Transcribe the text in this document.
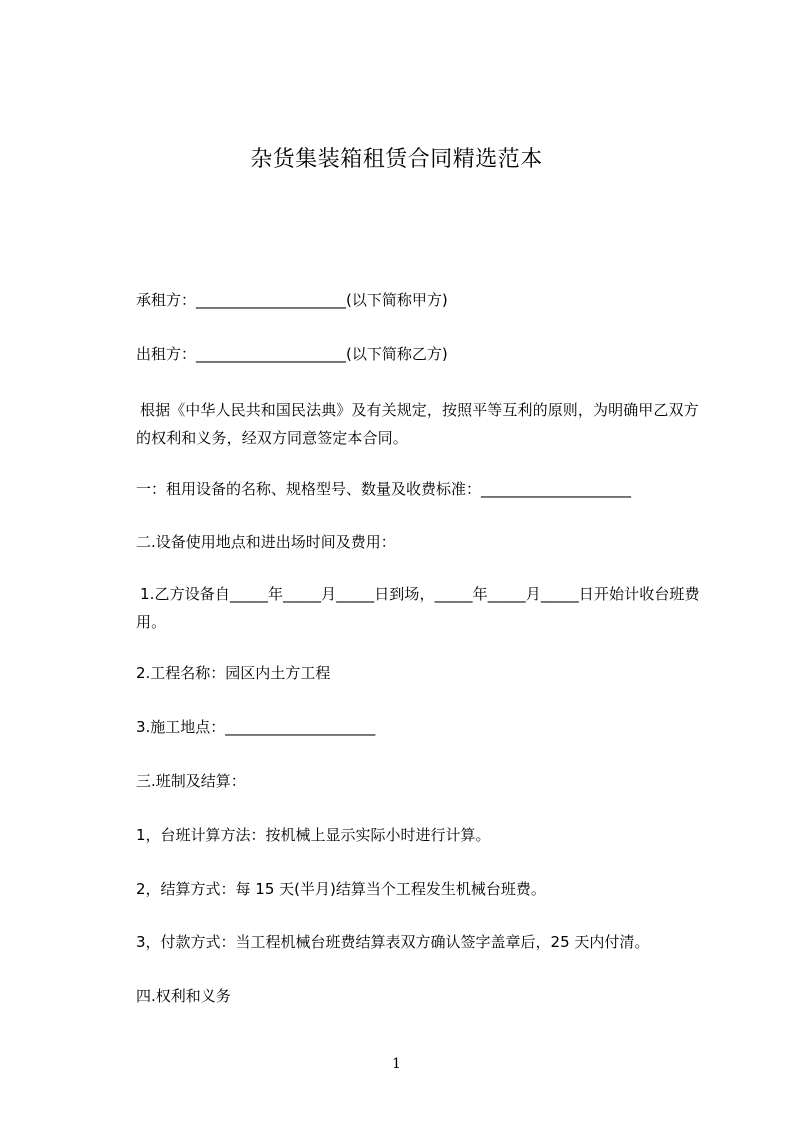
杂货集装箱租赁合同精选范本
承租方：____________________(以下简称甲方)
出租方：____________________(以下简称乙方)
根据《中华人民共和国民法典》及有关规定，按照平等互利的原则，为明确甲乙双方的权利和义务，经双方同意签定本合同。
一：租用设备的名称、规格型号、数量及收费标准：____________________
二.设备使用地点和进出场时间及费用：
1.乙方设备自_____年_____月_____日到场，_____年_____月_____日开始计收台班费用。
2.工程名称：园区内土方工程
3.施工地点：____________________
三.班制及结算：
1，台班计算方法：按机械上显示实际小时进行计算。
2，结算方式：每 15 天(半月)结算当个工程发生机械台班费。
3，付款方式：当工程机械台班费结算表双方确认签字盖章后，25 天内付清。
四.权利和义务
1
